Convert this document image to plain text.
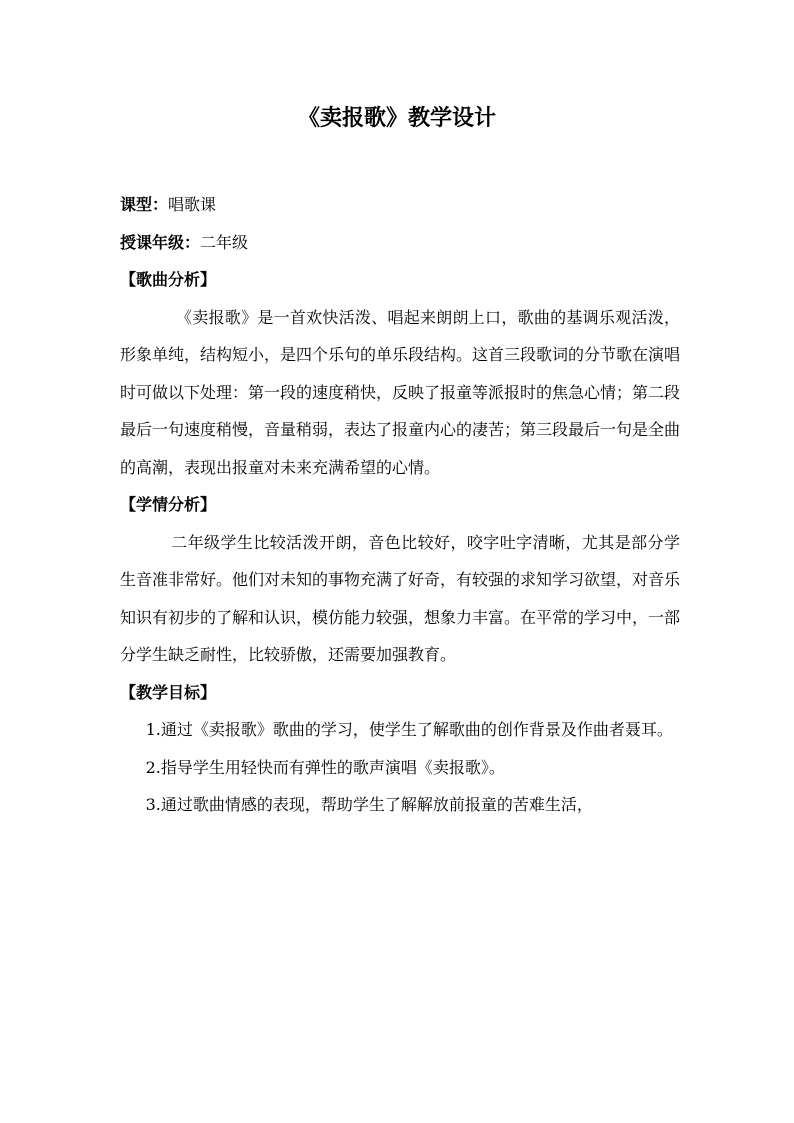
《卖报歌》教学设计

课型：唱歌课

授课年级：二年级

【歌曲分析】

《卖报歌》是一首欢快活泼、唱起来朗朗上口，歌曲的基调乐观活泼，形象单纯，结构短小，是四个乐句的单乐段结构。这首三段歌词的分节歌在演唱时可做以下处理：第一段的速度稍快，反映了报童等派报时的焦急心情；第二段最后一句速度稍慢，音量稍弱，表达了报童内心的凄苦；第三段最后一句是全曲的高潮，表现出报童对未来充满希望的心情。

【学情分析】

二年级学生比较活泼开朗，音色比较好，咬字吐字清晰，尤其是部分学生音准非常好。他们对未知的事物充满了好奇，有较强的求知学习欲望，对音乐知识有初步的了解和认识，模仿能力较强，想象力丰富。在平常的学习中，一部分学生缺乏耐性，比较骄傲，还需要加强教育。

【教学目标】

1.通过《卖报歌》歌曲的学习，使学生了解歌曲的创作背景及作曲者聂耳。

2.指导学生用轻快而有弹性的歌声演唱《卖报歌》。

3.通过歌曲情感的表现，帮助学生了解解放前报童的苦难生活，
